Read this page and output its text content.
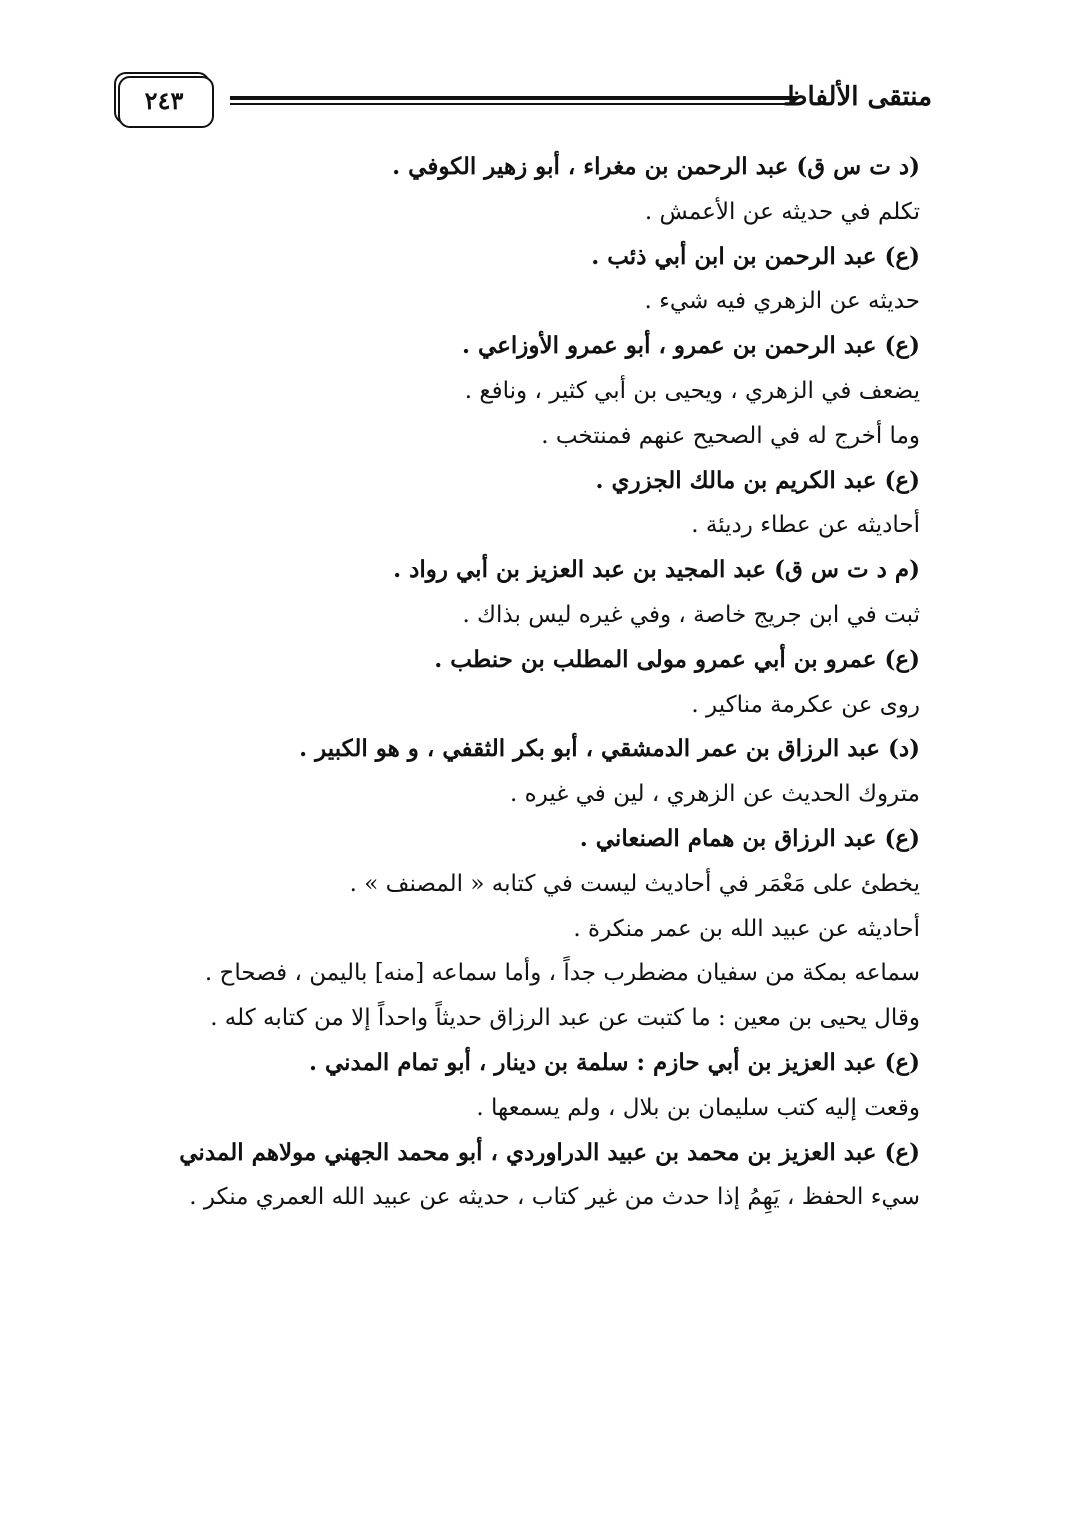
٢٤٣	منتقى الألفاظ
(د ت س ق) عبد الرحمن بن مغراء ، أبو زهير الكوفي .
تكلم في حديثه عن الأعمش .
(ع) عبد الرحمن بن ابن أبي ذئب .
حديثه عن الزهري فيه شيء .
(ع) عبد الرحمن بن عمرو ، أبو عمرو الأوزاعي .
يضعف في الزهري ، ويحيى بن أبي كثير ، ونافع .
وما أخرج له في الصحيح عنهم فمنتخب .
(ع) عبد الكريم بن مالك الجزري .
أحاديثه عن عطاء رديئة .
(م د ت س ق) عبد المجيد بن عبد العزيز بن أبي رواد .
ثبت في ابن جريج خاصة ، وفي غيره ليس بذاك .
(ع) عمرو بن أبي عمرو مولى المطلب بن حنطب .
روى عن عكرمة مناكير .
(د) عبد الرزاق بن عمر الدمشقي ، أبو بكر الثقفي ، و هو الكبير .
متروك الحديث عن الزهري ، لين في غيره .
(ع) عبد الرزاق بن همام الصنعاني .
يخطئ على مَعْمَر في أحاديث ليست في كتابه « المصنف » .
أحاديثه عن عبيد الله بن عمر منكرة .
سماعه بمكة من سفيان مضطرب جداً ، وأما سماعه [منه] باليمن ، فصحاح .
وقال يحيى بن معين : ما كتبت عن عبد الرزاق حديثاً واحداً إلا من كتابه كله .
(ع) عبد العزيز بن أبي حازم : سلمة بن دينار ، أبو تمام المدني .
وقعت إليه كتب سليمان بن بلال ، ولم يسمعها .
(ع) عبد العزيز بن محمد بن عبيد الدراوردي ، أبو محمد الجهني مولاهم المدني
سيء الحفظ ، يَهِمُ إذا حدث من غير كتاب ، حديثه عن عبيد الله العمري منكر .
